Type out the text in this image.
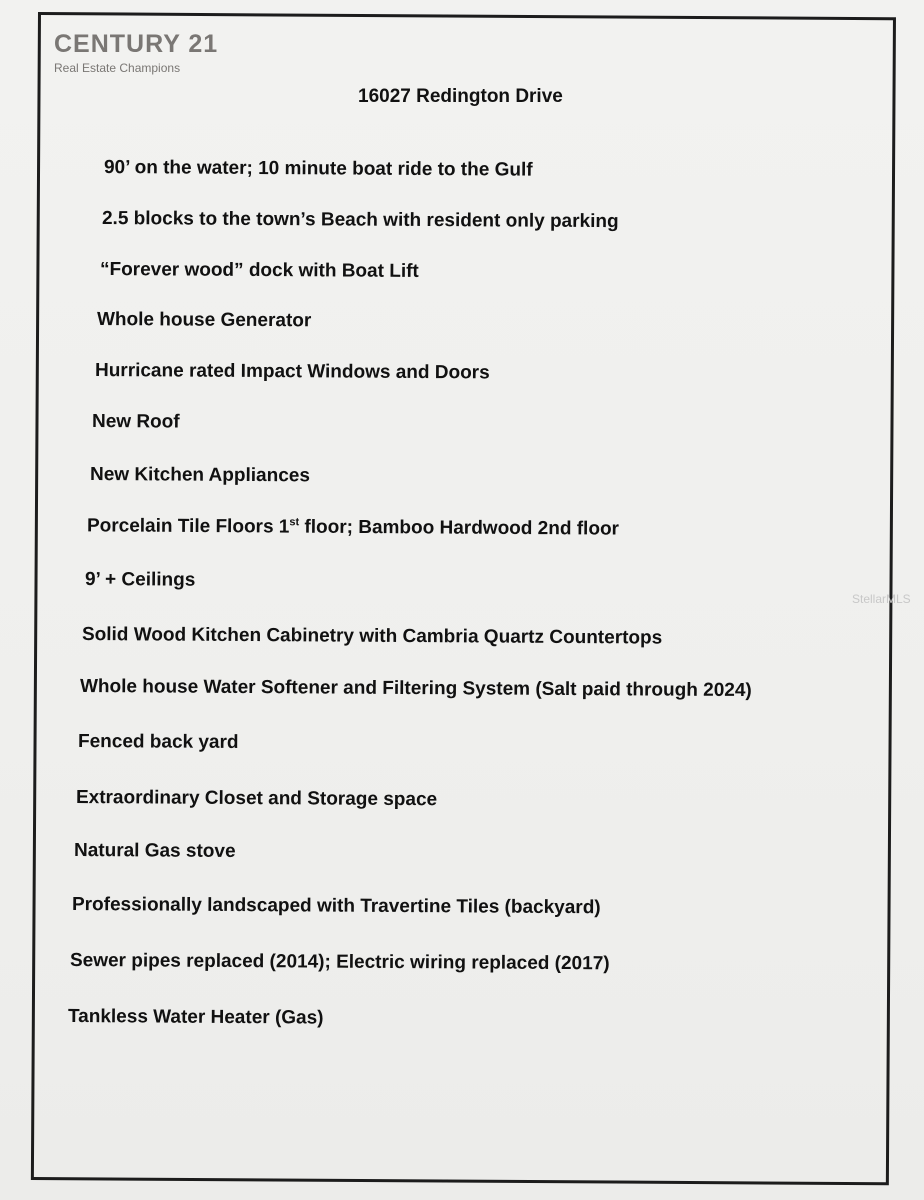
CENTURY 21
Real Estate Champions
16027 Redington Drive
90’ on the water; 10 minute boat ride to the Gulf
2.5 blocks to the town’s Beach with resident only parking
“Forever wood” dock with Boat Lift
Whole house Generator
Hurricane rated Impact Windows and Doors
New Roof
New Kitchen Appliances
Porcelain Tile Floors 1st floor; Bamboo Hardwood 2nd floor
9’ + Ceilings
Solid Wood Kitchen Cabinetry with Cambria Quartz Countertops
Whole house Water Softener and Filtering System (Salt paid through 2024)
Fenced back yard
Extraordinary Closet and Storage space
Natural Gas stove
Professionally landscaped with Travertine Tiles (backyard)
Sewer pipes replaced (2014); Electric wiring replaced (2017)
Tankless Water Heater (Gas)
StellarMLS
